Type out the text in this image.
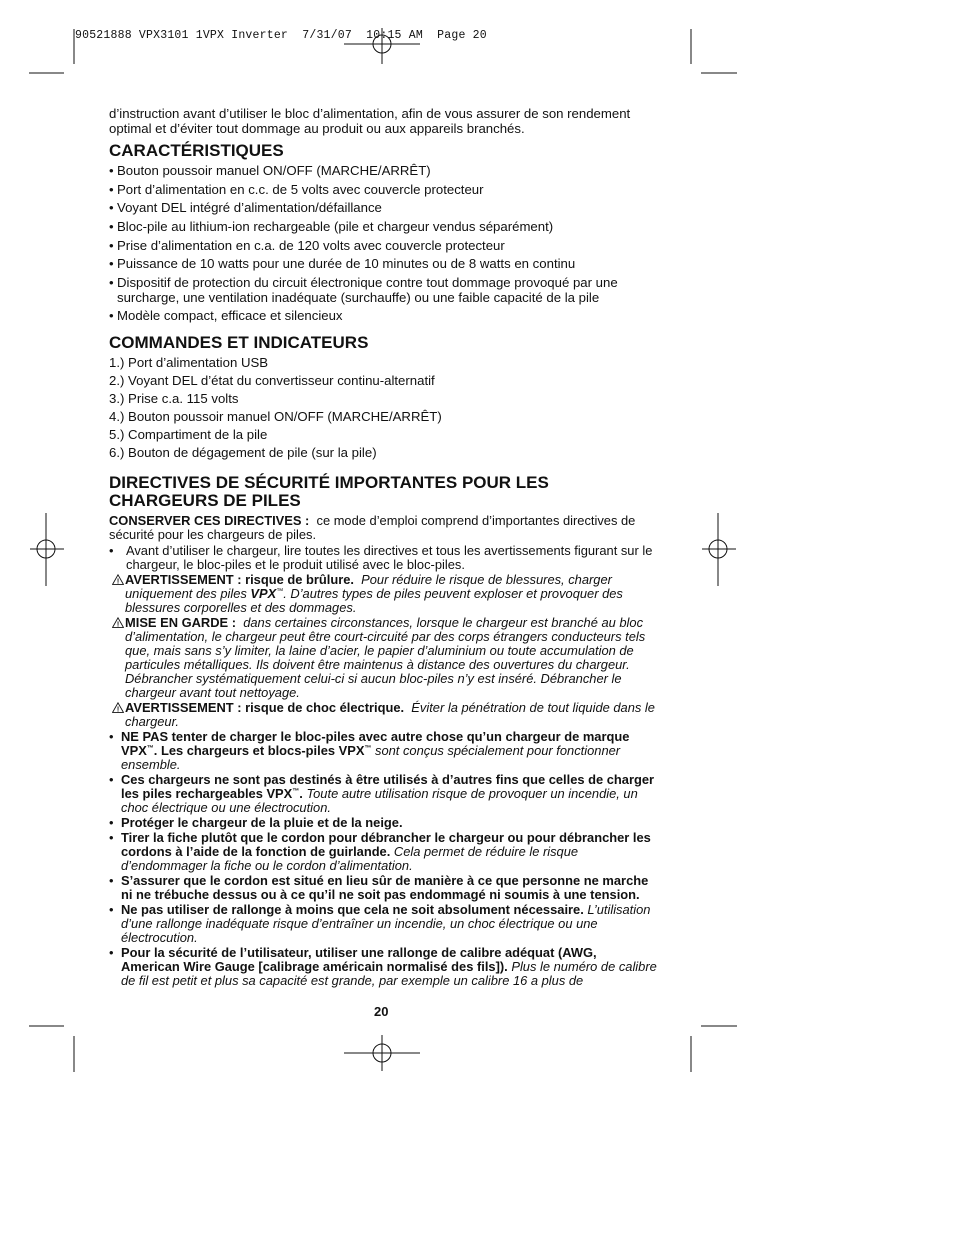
90521888 VPX3101 1VPX Inverter  7/31/07  10:15 AM  Page 20

d’instruction avant d’utiliser le bloc d’alimentation, afin de vous assurer de son rendement optimal et d’éviter tout dommage au produit ou aux appareils branchés.

CARACTÉRISTIQUES
• Bouton poussoir manuel ON/OFF (MARCHE/ARRÊT)
• Port d’alimentation en c.c. de 5 volts avec couvercle protecteur
• Voyant DEL intégré d’alimentation/défaillance
• Bloc-pile au lithium-ion rechargeable (pile et chargeur vendus séparément)
• Prise d’alimentation en c.a. de 120 volts avec couvercle protecteur
• Puissance de 10 watts pour une durée de 10 minutes ou de 8 watts en continu
• Dispositif de protection du circuit électronique contre tout dommage provoqué par une surcharge, une ventilation inadéquate (surchauffe) ou une faible capacité de la pile
• Modèle compact, efficace et silencieux
COMMANDES ET INDICATEURS
1.) Port d’alimentation USB
2.) Voyant DEL d’état du convertisseur continu-alternatif
3.) Prise c.a. 115 volts
4.) Bouton poussoir manuel ON/OFF (MARCHE/ARRÊT)
5.) Compartiment de la pile
6.) Bouton de dégagement de pile (sur la pile)
DIRECTIVES DE SÉCURITÉ IMPORTANTES POUR LES CHARGEURS DE PILES

CONSERVER CES DIRECTIVES : ce mode d’emploi comprend d’importantes directives de sécurité pour les chargeurs de piles.

• Avant d’utiliser le chargeur, lire toutes les directives et tous les avertissements figurant sur le chargeur, le bloc-piles et le produit utilisé avec le bloc-piles.

! AVERTISSEMENT : risque de brûlure. Pour réduire le risque de blessures, charger uniquement des piles VPX™. D’autres types de piles peuvent exploser et provoquer des blessures corporelles et des dommages.

! MISE EN GARDE : dans certaines circonstances, lorsque le chargeur est branché au bloc d’alimentation, le chargeur peut être court-circuité par des corps étrangers conducteurs tels que, mais sans s’y limiter, la laine d’acier, le papier d’aluminium ou toute accumulation de particules métalliques. Ils doivent être maintenus à distance des ouvertures du chargeur. Débrancher systématiquement celui-ci si aucun bloc-piles n’y est inséré. Débrancher le chargeur avant tout nettoyage.

! AVERTISSEMENT : risque de choc électrique. Éviter la pénétration de tout liquide dans le chargeur.

• NE PAS tenter de charger le bloc-piles avec autre chose qu’un chargeur de marque VPX™. Les chargeurs et blocs-piles VPX™ sont conçus spécialement pour fonctionner ensemble.

• Ces chargeurs ne sont pas destinés à être utilisés à d’autres fins que celles de charger les piles rechargeables VPX™. Toute autre utilisation risque de provoquer un incendie, un choc électrique ou une électrocution.

• Protéger le chargeur de la pluie et de la neige.

• Tirer la fiche plutôt que le cordon pour débrancher le chargeur ou pour débrancher les cordons à l’aide de la fonction de guirlande. Cela permet de réduire le risque d’endommager la fiche ou le cordon d’alimentation.

• S’assurer que le cordon est situé en lieu sûr de manière à ce que personne ne marche ni ne trébuche dessus ou à ce qu’il ne soit pas endommagé ni soumis à une tension.

• Ne pas utiliser de rallonge à moins que cela ne soit absolument nécessaire. L’utilisation d’une rallonge inadéquate risque d’entraîner un incendie, un choc électrique ou une électrocution.

• Pour la sécurité de l’utilisateur, utiliser une rallonge de calibre adéquat (AWG, American Wire Gauge [calibrage américain normalisé des fils]). Plus le numéro de calibre de fil est petit et plus sa capacité est grande, par exemple un calibre 16 a plus de

20
